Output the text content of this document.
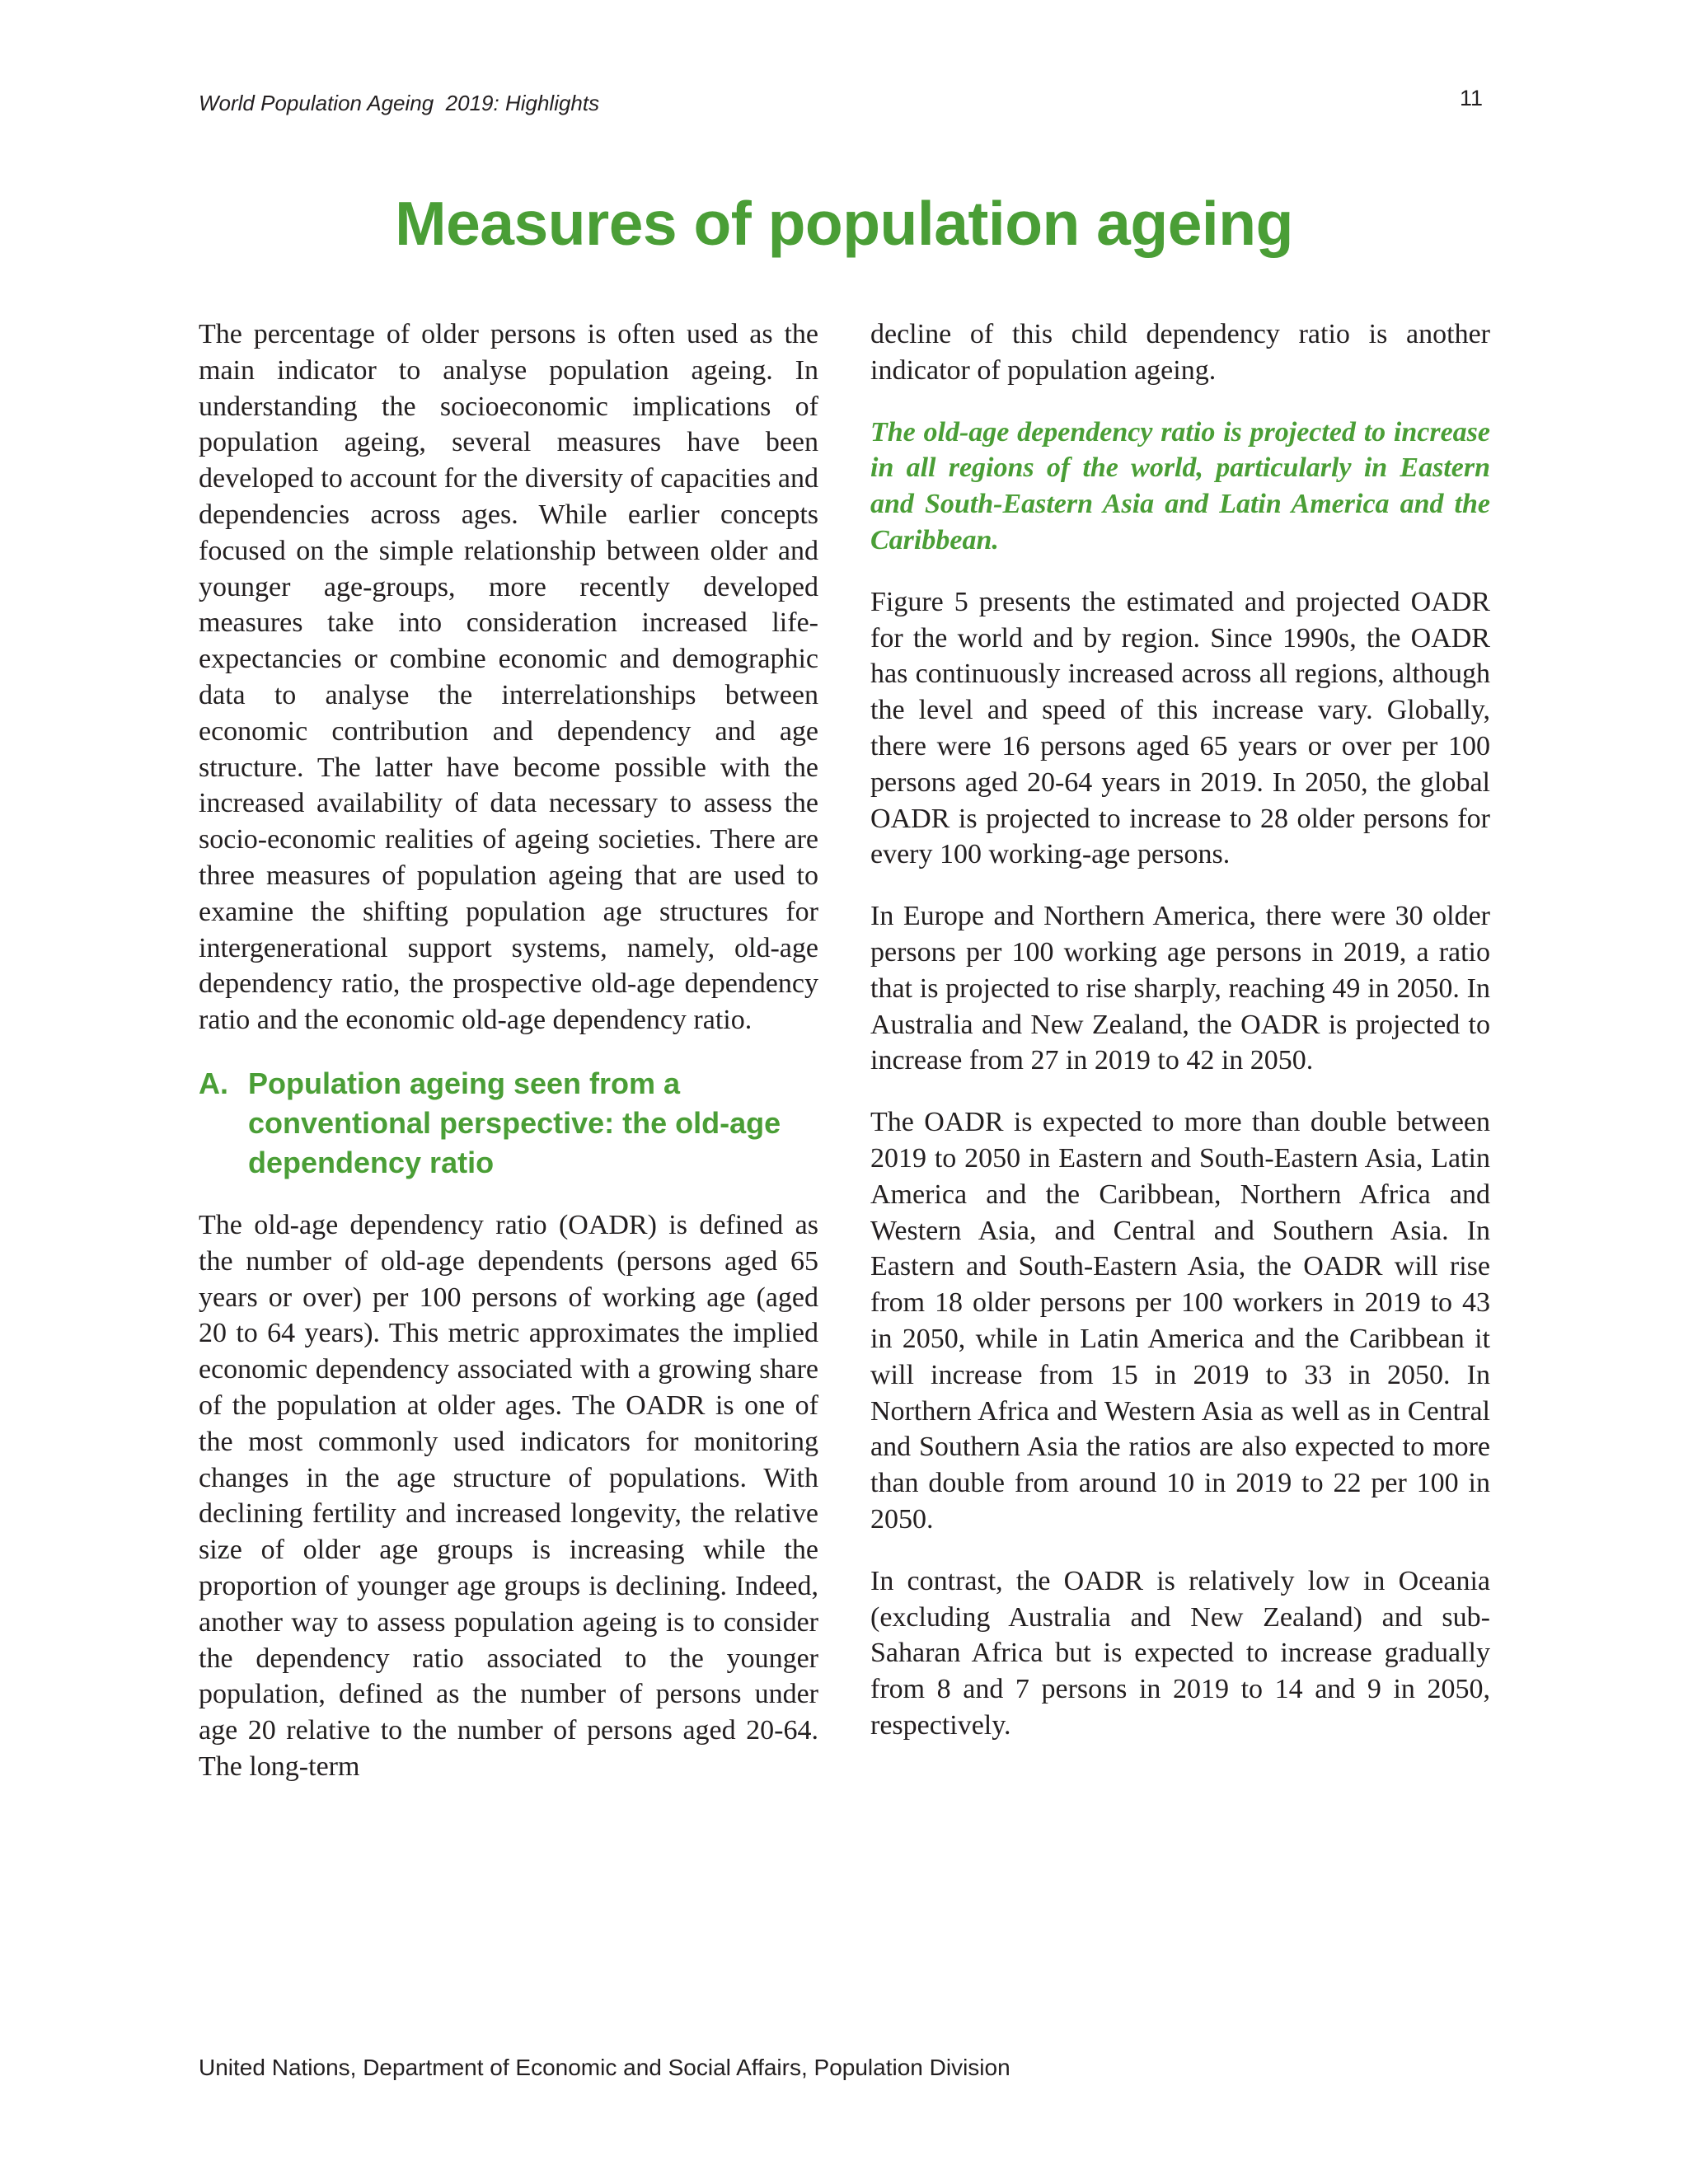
World Population Ageing  2019: Highlights	11
Measures of population ageing

The percentage of older persons is often used as the main indicator to analyse population ageing. In understanding the socioeconomic implications of population ageing, several measures have been developed to account for the diversity of capacities and dependencies across ages. While earlier concepts focused on the simple relationship between older and younger age-groups, more recently developed measures take into consideration increased life-expectancies or combine economic and demographic data to analyse the interrelationships between economic contribution and dependency and age structure. The latter have become possible with the increased availability of data necessary to assess the socio-economic realities of ageing societies. There are three measures of population ageing that are used to examine the shifting population age structures for intergenerational support systems, namely, old-age dependency ratio, the prospective old-age dependency ratio and the economic old-age dependency ratio.

A. Population ageing seen from a conventional perspective: the old-age dependency ratio

The old-age dependency ratio (OADR) is defined as the number of old-age dependents (persons aged 65 years or over) per 100 persons of working age (aged 20 to 64 years). This metric approximates the implied economic dependency associated with a growing share of the population at older ages. The OADR is one of the most commonly used indicators for monitoring changes in the age structure of populations. With declining fertility and increased longevity, the relative size of older age groups is increasing while the proportion of younger age groups is declining. Indeed, another way to assess population ageing is to consider the dependency ratio associated to the younger population, defined as the number of persons under age 20 relative to the number of persons aged 20-64. The long-term

decline of this child dependency ratio is another indicator of population ageing.

The old-age dependency ratio is projected to increase in all regions of the world, particularly in Eastern and South-Eastern Asia and Latin America and the Caribbean.

Figure 5 presents the estimated and projected OADR for the world and by region. Since 1990s, the OADR has continuously increased across all regions, although the level and speed of this increase vary. Globally, there were 16 persons aged 65 years or over per 100 persons aged 20-64 years in 2019. In 2050, the global OADR is projected to increase to 28 older persons for every 100 working-age persons.

In Europe and Northern America, there were 30 older persons per 100 working age persons in 2019, a ratio that is projected to rise sharply, reaching 49 in 2050. In Australia and New Zealand, the OADR is projected to increase from 27 in 2019 to 42 in 2050.

The OADR is expected to more than double between 2019 to 2050 in Eastern and South-Eastern Asia, Latin America and the Caribbean, Northern Africa and Western Asia, and Central and Southern Asia. In Eastern and South-Eastern Asia, the OADR will rise from 18 older persons per 100 workers in 2019 to 43 in 2050, while in Latin America and the Caribbean it will increase from 15 in 2019 to 33 in 2050. In Northern Africa and Western Asia as well as in Central and Southern Asia the ratios are also expected to more than double from around 10 in 2019 to 22 per 100 in 2050.

In contrast, the OADR is relatively low in Oceania (excluding Australia and New Zealand) and sub-Saharan Africa but is expected to increase gradually from 8 and 7 persons in 2019 to 14 and 9 in 2050, respectively.

United Nations, Department of Economic and Social Affairs, Population Division
